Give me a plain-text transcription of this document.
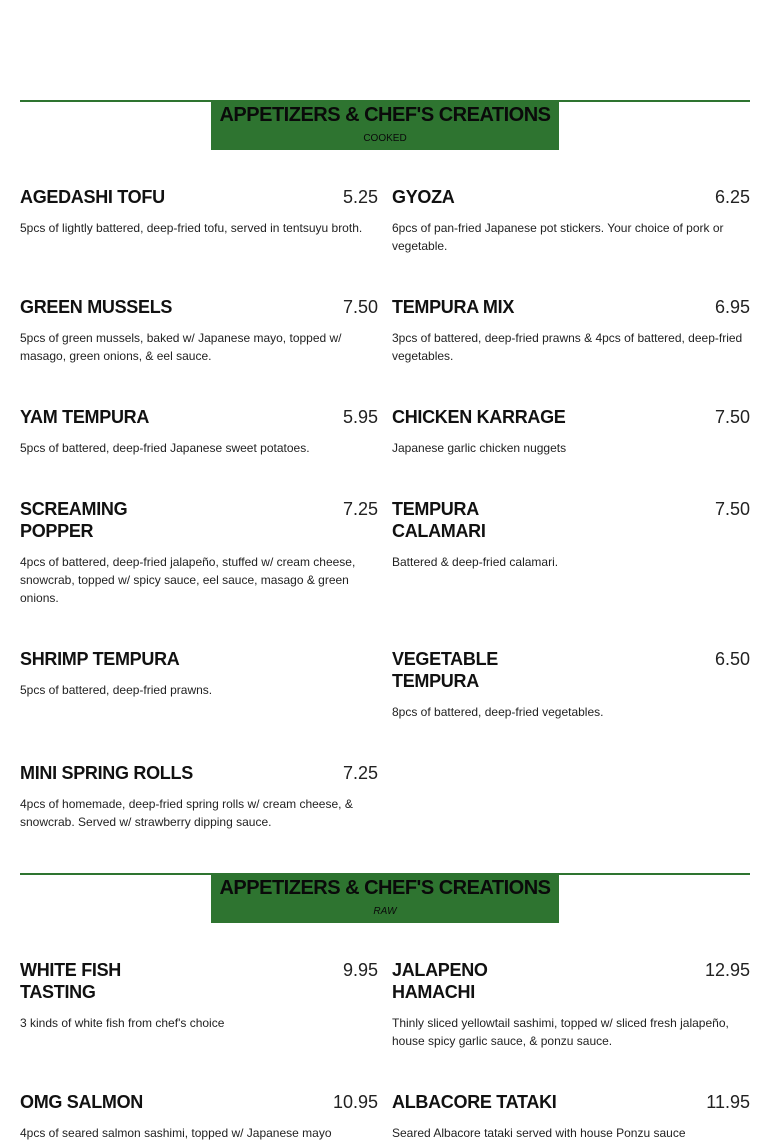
APPETIZERS & CHEF'S CREATIONS
COOKED
AGEDASHI TOFU	5.25
5pcs of lightly battered, deep-fried tofu, served in tentsuyu broth.
GYOZA	6.25
6pcs of pan-fried Japanese pot stickers. Your choice of pork or vegetable.
GREEN MUSSELS	7.50
5pcs of green mussels, baked w/ Japanese mayo, topped w/ masago, green onions, & eel sauce.
TEMPURA MIX	6.95
3pcs of battered, deep-fried prawns & 4pcs of battered, deep-fried vegetables.
YAM TEMPURA	5.95
5pcs of battered, deep-fried Japanese sweet potatoes.
CHICKEN KARRAGE	7.50
Japanese garlic chicken nuggets
SCREAMING POPPER
7.25
4pcs of battered, deep-fried jalapeño, stuffed w/ cream cheese, snowcrab, topped w/ spicy sauce, eel sauce, masago & green onions.
TEMPURA CALAMARI
7.50
Battered & deep-fried calamari.
SHRIMP TEMPURA
5pcs of battered, deep-fried prawns.
VEGETABLE TEMPURA
6.50
8pcs of battered, deep-fried vegetables.
MINI SPRING ROLLS	7.25
4pcs of homemade, deep-fried spring rolls w/ cream cheese, & snowcrab. Served w/ strawberry dipping sauce.
APPETIZERS & CHEF'S CREATIONS
RAW
WHITE FISH TASTING
9.95
3 kinds of white fish from chef's choice
JALAPENO HAMACHI
12.95
Thinly sliced yellowtail sashimi, topped w/ sliced fresh jalapeño, house spicy garlic sauce, & ponzu sauce.
OMG SALMON	10.95
4pcs of seared salmon sashimi, topped w/ Japanese mayo
ALBACORE TATAKI	11.95
Seared Albacore tataki served with house Ponzu sauce
